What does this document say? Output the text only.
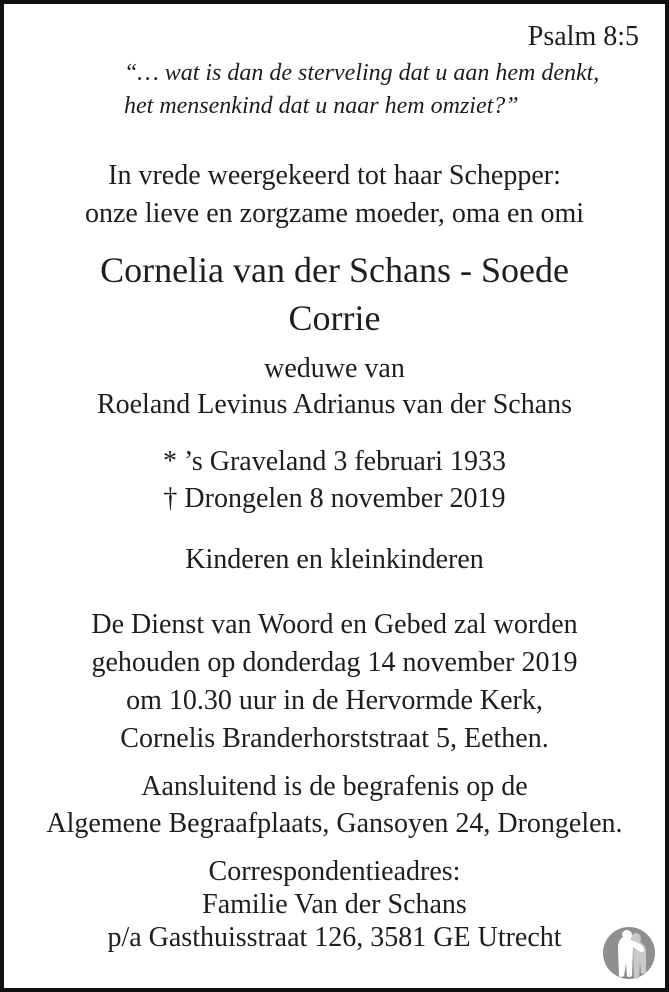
Psalm 8:5
“… wat is dan de sterveling dat u aan hem denkt,
het mensenkind dat u naar hem omziet?”
In vrede weergekeerd tot haar Schepper:
onze lieve en zorgzame moeder, oma en omi
Cornelia van der Schans - Soede
Corrie
weduwe van
Roeland Levinus Adrianus van der Schans
* ’s Graveland 3 februari 1933
† Drongelen 8 november 2019
Kinderen en kleinkinderen
De Dienst van Woord en Gebed zal worden
gehouden op donderdag 14 november 2019
om 10.30 uur in de Hervormde Kerk,
Cornelis Branderhorststraat 5, Eethen.
Aansluitend is de begrafenis op de
Algemene Begraafplaats, Gansoyen 24, Drongelen.
Correspondentieadres:
Familie Van der Schans
p/a Gasthuisstraat 126, 3581 GE Utrecht
